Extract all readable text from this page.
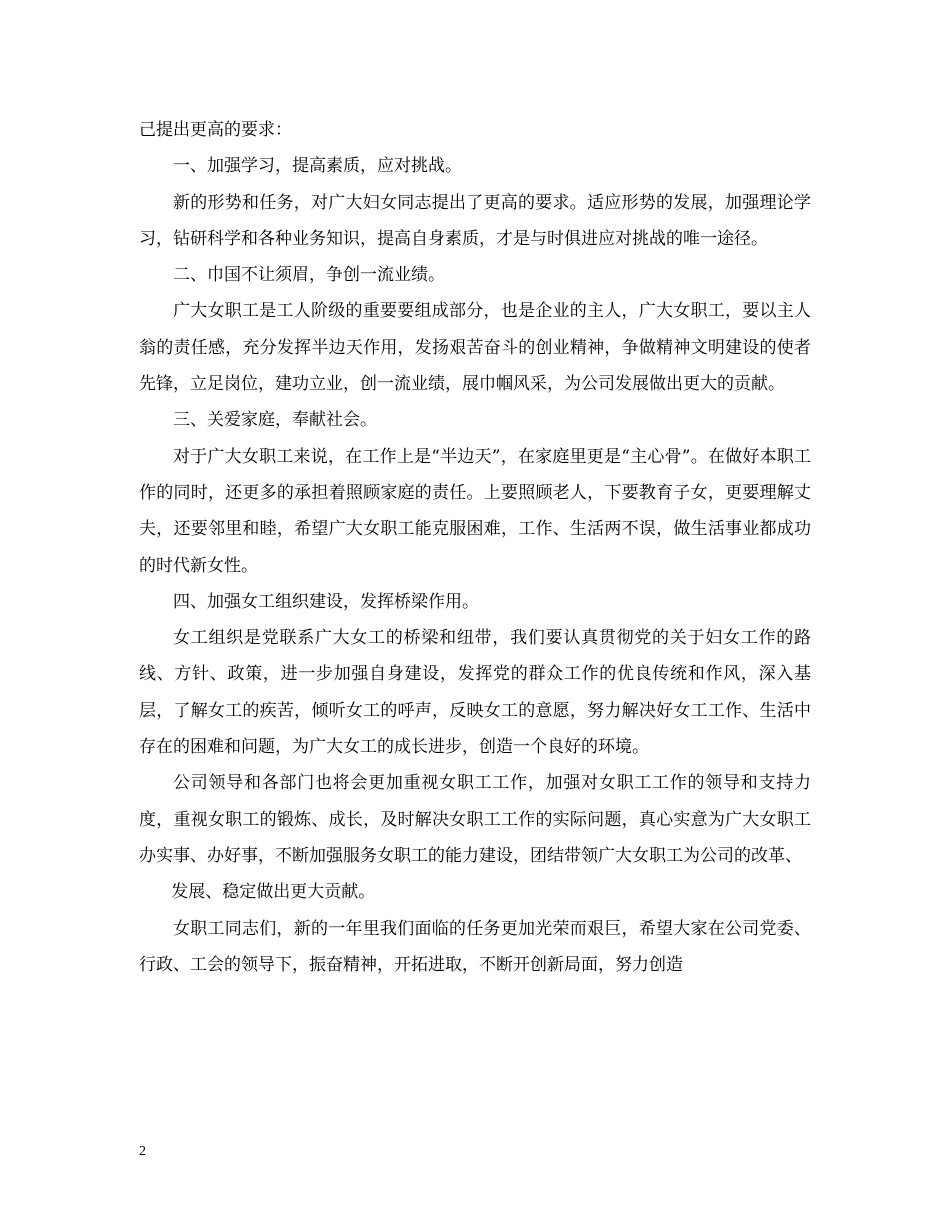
己提出更高的要求：

一、加强学习，提高素质，应对挑战。

新的形势和任务，对广大妇女同志提出了更高的要求。适应形势的发展，加强理论学习，钻研科学和各种业务知识，提高自身素质，才是与时俱进应对挑战的唯一途径。

二、巾国不让须眉，争创一流业绩。

广大女职工是工人阶级的重要要组成部分，也是企业的主人，广大女职工，要以主人翁的责任感，充分发挥半边天作用，发扬艰苦奋斗的创业精神，争做精神文明建设的使者先锋，立足岗位，建功立业，创一流业绩，展巾帼风采，为公司发展做出更大的贡献。

三、关爱家庭，奉献社会。

对于广大女职工来说，在工作上是“半边天”，在家庭里更是“主心骨”。在做好本职工作的同时，还更多的承担着照顾家庭的责任。上要照顾老人，下要教育子女，更要理解丈夫，还要邻里和睦，希望广大女职工能克服困难，工作、生活两不误，做生活事业都成功的时代新女性。

四、加强女工组织建设，发挥桥梁作用。

女工组织是党联系广大女工的桥梁和纽带，我们要认真贯彻党的关于妇女工作的路线、方针、政策，进一步加强自身建设，发挥党的群众工作的优良传统和作风，深入基层，了解女工的疾苦，倾听女工的呼声，反映女工的意愿，努力解决好女工工作、生活中存在的困难和问题，为广大女工的成长进步，创造一个良好的环境。

公司领导和各部门也将会更加重视女职工工作，加强对女职工工作的领导和支持力度，重视女职工的锻炼、成长，及时解决女职工工作的实际问题，真心实意为广大女职工办实事、办好事，不断加强服务女职工的能力建设，团结带领广大女职工为公司的改革、

发展、稳定做出更大贡献。

女职工同志们，新的一年里我们面临的任务更加光荣而艰巨，希望大家在公司党委、行政、工会的领导下，振奋精神，开拓进取，不断开创新局面，努力创造

2
